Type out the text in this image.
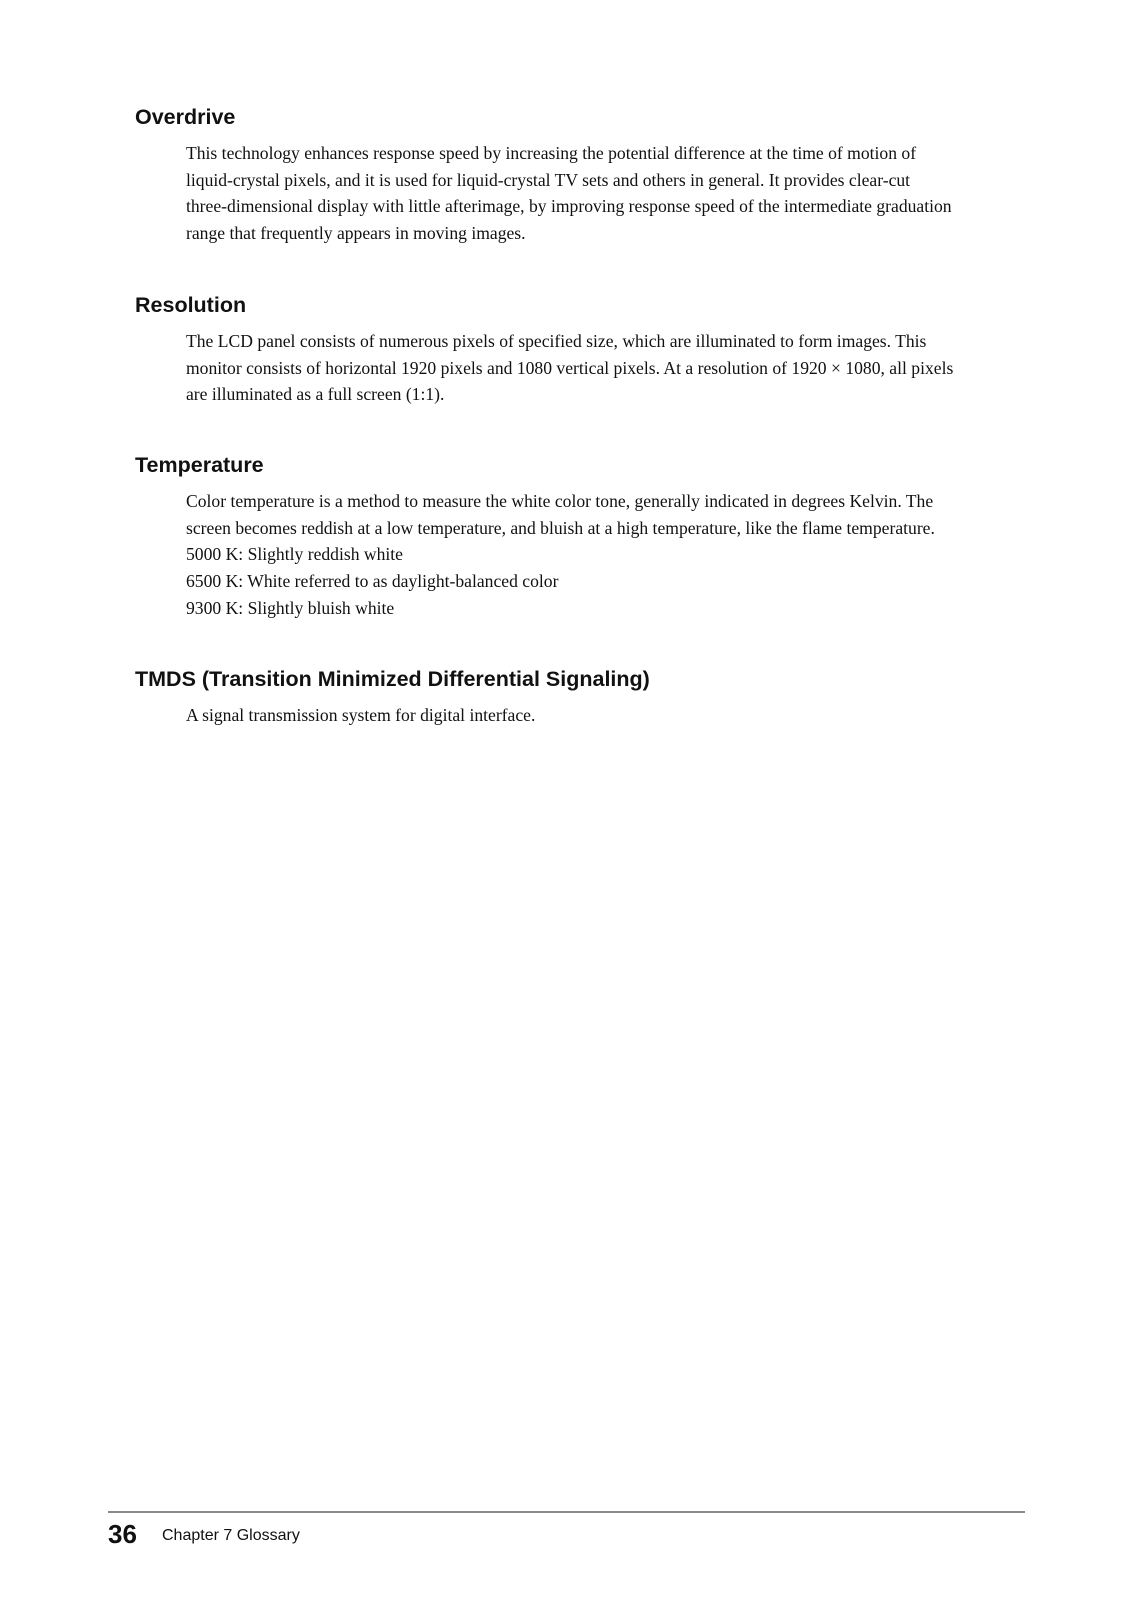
Overdrive
This technology enhances response speed by increasing the potential difference at the time of motion of
liquid-crystal pixels, and it is used for liquid-crystal TV sets and others in general. It provides clear-cut
three-dimensional display with little afterimage, by improving response speed of the intermediate graduation
range that frequently appears in moving images.
Resolution
The LCD panel consists of numerous pixels of specified size, which are illuminated to form images. This
monitor consists of horizontal 1920 pixels and 1080 vertical pixels. At a resolution of 1920 × 1080, all pixels
are illuminated as a full screen (1:1).
Temperature
Color temperature is a method to measure the white color tone, generally indicated in degrees Kelvin. The
screen becomes reddish at a low temperature, and bluish at a high temperature, like the flame temperature.
5000 K: Slightly reddish white
6500 K: White referred to as daylight-balanced color
9300 K: Slightly bluish white
TMDS (Transition Minimized Differential Signaling)
A signal transmission system for digital interface.
36 Chapter 7 Glossary
